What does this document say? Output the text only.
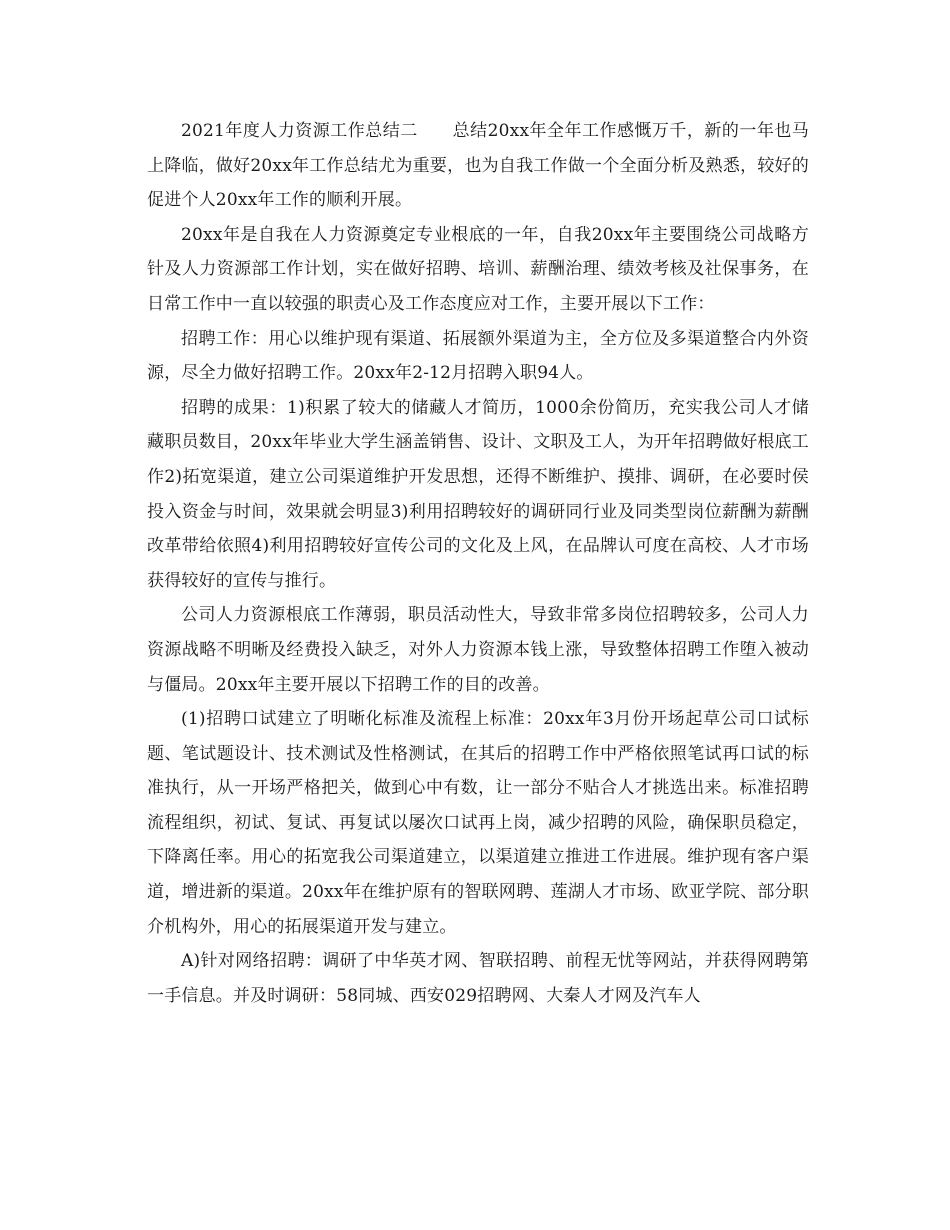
2021年度人力资源工作总结二　　总结20xx年全年工作感慨万千，新的一年也马上降临，做好20xx年工作总结尤为重要，也为自我工作做一个全面分析及熟悉，较好的促进个人20xx年工作的顺利开展。

20xx年是自我在人力资源奠定专业根底的一年，自我20xx年主要围绕公司战略方针及人力资源部工作计划，实在做好招聘、培训、薪酬治理、绩效考核及社保事务，在日常工作中一直以较强的职责心及工作态度应对工作，主要开展以下工作：

招聘工作：用心以维护现有渠道、拓展额外渠道为主，全方位及多渠道整合内外资源，尽全力做好招聘工作。20xx年2-12月招聘入职94人。

招聘的成果：1)积累了较大的储藏人才简历，1000余份简历，充实我公司人才储藏职员数目，20xx年毕业大学生涵盖销售、设计、文职及工人，为开年招聘做好根底工作2)拓宽渠道，建立公司渠道维护开发思想，还得不断维护、摸排、调研，在必要时侯投入资金与时间，效果就会明显3)利用招聘较好的调研同行业及同类型岗位薪酬为薪酬改革带给依照4)利用招聘较好宣传公司的文化及上风，在品牌认可度在高校、人才市场获得较好的宣传与推行。

公司人力资源根底工作薄弱，职员活动性大，导致非常多岗位招聘较多，公司人力资源战略不明晰及经费投入缺乏，对外人力资源本钱上涨，导致整体招聘工作堕入被动与僵局。20xx年主要开展以下招聘工作的目的改善。

(1)招聘口试建立了明晰化标准及流程上标准：20xx年3月份开场起草公司口试标题、笔试题设计、技术测试及性格测试，在其后的招聘工作中严格依照笔试再口试的标准执行，从一开场严格把关，做到心中有数，让一部分不贴合人才挑选出来。标准招聘流程组织，初试、复试、再复试以屡次口试再上岗，减少招聘的风险，确保职员稳定，下降离任率。用心的拓宽我公司渠道建立，以渠道建立推进工作进展。维护现有客户渠道，增进新的渠道。20xx年在维护原有的智联网聘、莲湖人才市场、欧亚学院、部分职介机构外，用心的拓展渠道开发与建立。

A)针对网络招聘：调研了中华英才网、智联招聘、前程无忧等网站，并获得网聘第一手信息。并及时调研：58同城、西安029招聘网、大秦人才网及汽车人
